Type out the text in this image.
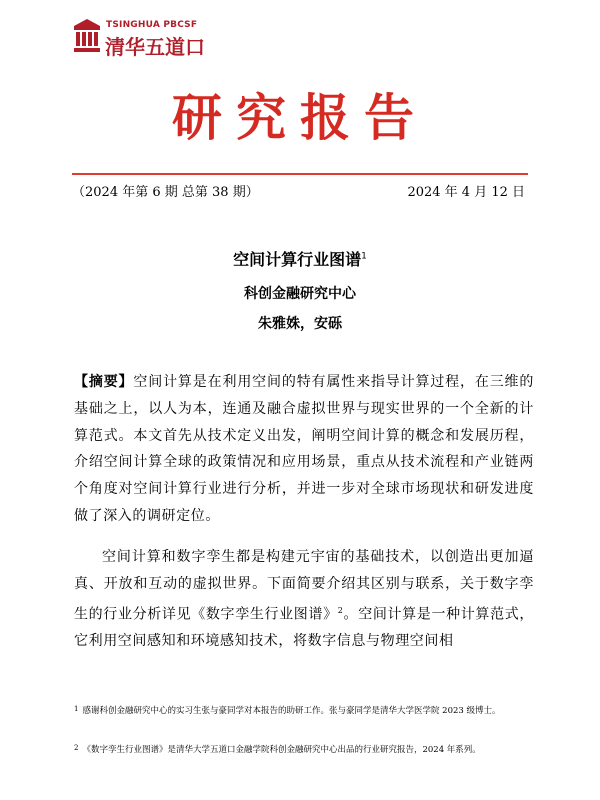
TSINGHUA PBCSF
清华五道口
研究报告
（2024 年第 6 期 总第 38 期）	2024 年 4 月 12 日
空间计算行业图谱$^1$
科创金融研究中心
朱雅姝，安砾
【摘要】空间计算是在利用空间的特有属性来指导计算过程，在三维的基础之上，以人为本，连通及融合虚拟世界与现实世界的一个全新的计算范式。本文首先从技术定义出发，阐明空间计算的概念和发展历程，介绍空间计算全球的政策情况和应用场景，重点从技术流程和产业链两个角度对空间计算行业进行分析，并进一步对全球市场现状和研发进度做了深入的调研定位。
空间计算和数字孪生都是构建元宇宙的基础技术，以创造出更加逼真、开放和互动的虚拟世界。下面简要介绍其区别与联系，关于数字孪生的行业分析详见《数字孪生行业图谱》$^2$。空间计算是一种计算范式，它利用空间感知和环境感知技术，将数字信息与物理空间相
$^1$ 感谢科创金融研究中心的实习生张与豪同学对本报告的助研工作。张与豪同学是清华大学医学院 2023 级博士。
$^2$ 《数字孪生行业图谱》是清华大学五道口金融学院科创金融研究中心出品的行业研究报告，2024 年系列。
